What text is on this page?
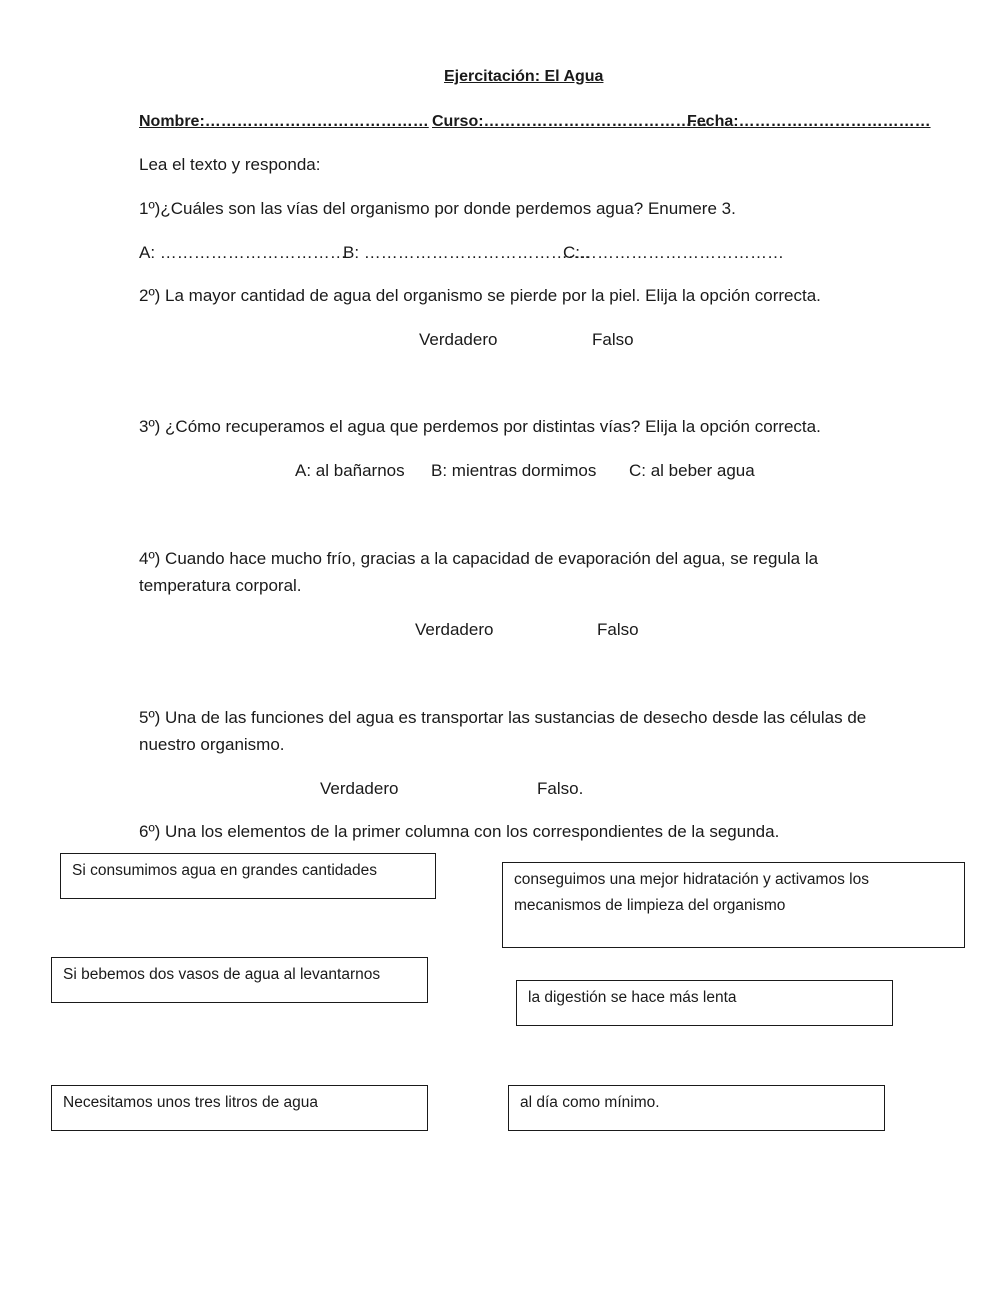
Ejercitación: El Agua
Nombre:…………………………………… Curso:……………………………………
Fecha:………………………………
Lea el texto y responda:
1º)¿Cuáles son las vías del organismo por donde perdemos agua? Enumere 3.
A: ……………………………
B: ………………………………….
C:………………………………
2º) La mayor cantidad de agua del organismo se pierde por la piel. Elija la opción correcta.
Verdadero	Falso
3º) ¿Cómo recuperamos el agua que perdemos por distintas vías? Elija la opción correcta.
A: al bañarnos B: mientras dormimos C: al beber agua
4º) Cuando hace mucho frío, gracias a la capacidad de evaporación del agua, se regula la temperatura corporal.
Verdadero	Falso
5º) Una de las funciones del agua es transportar las sustancias de desecho desde las células de nuestro organismo.
Verdadero	Falso.
6º) Una los elementos de la primer columna con los correspondientes de la segunda.
Si consumimos agua en grandes cantidades
conseguimos una mejor hidratación y activamos los mecanismos de limpieza del organismo
Si bebemos dos vasos de agua al levantarnos
la digestión se hace más lenta
Necesitamos unos tres litros de agua	al día como mínimo.
